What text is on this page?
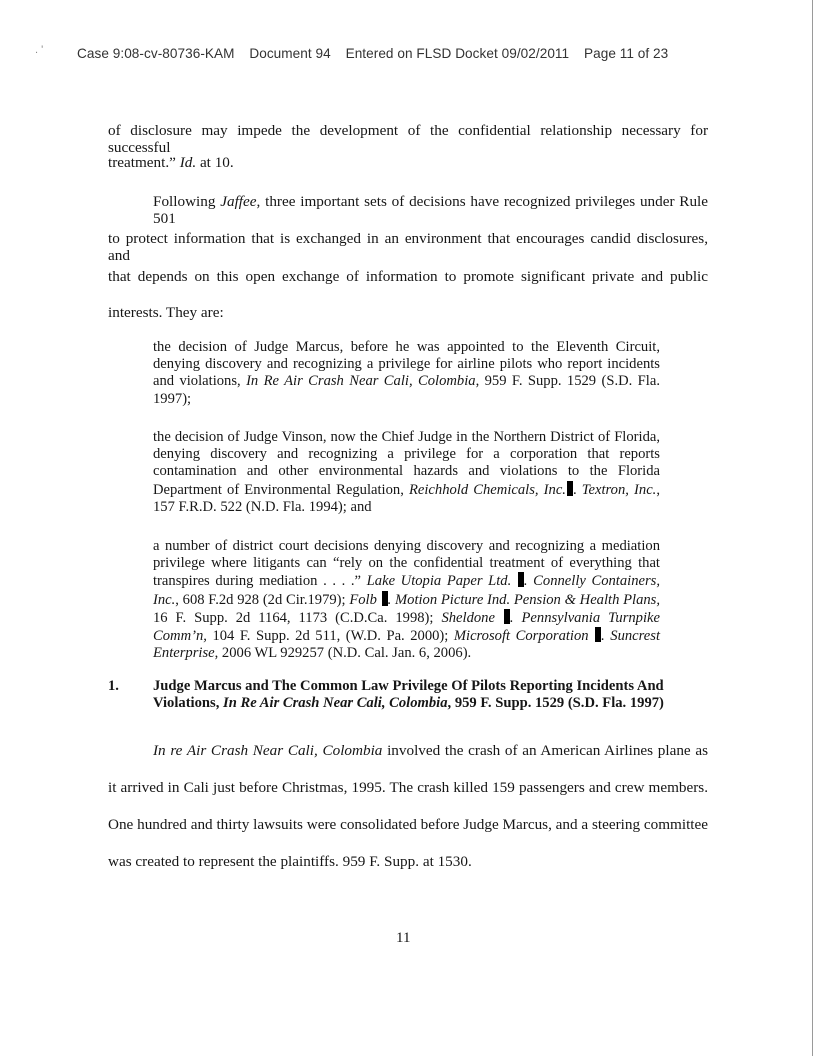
. ' Case 9:08-cv-80736-KAM Document 94 Entered on FLSD Docket 09/02/2011 Page 11 of 23
of disclosure may impede the development of the confidential relationship necessary for successful
treatment.” Id. at 10.
Following Jaffee, three important sets of decisions have recognized privileges under Rule 501
to protect information that is exchanged in an environment that encourages candid disclosures, and
that depends on this open exchange of information to promote significant private and public
interests. They are:
the decision of Judge Marcus, before he was appointed to the Eleventh Circuit, denying discovery and recognizing a privilege for airline pilots who report incidents and violations, In Re Air Crash Near Cali, Colombia, 959 F. Supp. 1529 (S.D. Fla. 1997);
the decision of Judge Vinson, now the Chief Judge in the Northern District of Florida, denying discovery and recognizing a privilege for a corporation that reports contamination and other environmental hazards and violations to the Florida Department of Environmental Regulation, Reichhold Chemicals, Inc. . Textron, Inc., 157 F.R.D. 522 (N.D. Fla. 1994); and
a number of district court decisions denying discovery and recognizing a mediation privilege where litigants can “rely on the confidential treatment of everything that transpires during mediation . . . .” Lake Utopia Paper Ltd. . Connelly Containers, Inc., 608 F.2d 928 (2d Cir.1979); Folb . Motion Picture Ind. Pension & Health Plans, 16 F. Supp. 2d 1164, 1173 (C.D.Ca. 1998); Sheldone . Pennsylvania Turnpike Comm’n, 104 F. Supp. 2d 511, (W.D. Pa. 2000); Microsoft Corporation . Suncrest Enterprise, 2006 WL 929257 (N.D. Cal. Jan. 6, 2006).
1. Judge Marcus and The Common Law Privilege Of Pilots Reporting Incidents And Violations, In Re Air Crash Near Cali, Colombia, 959 F. Supp. 1529 (S.D. Fla. 1997)
In re Air Crash Near Cali, Colombia involved the crash of an American Airlines plane as
it arrived in Cali just before Christmas, 1995. The crash killed 159 passengers and crew members.
One hundred and thirty lawsuits were consolidated before Judge Marcus, and a steering committee
was created to represent the plaintiffs. 959 F. Supp. at 1530.
11
